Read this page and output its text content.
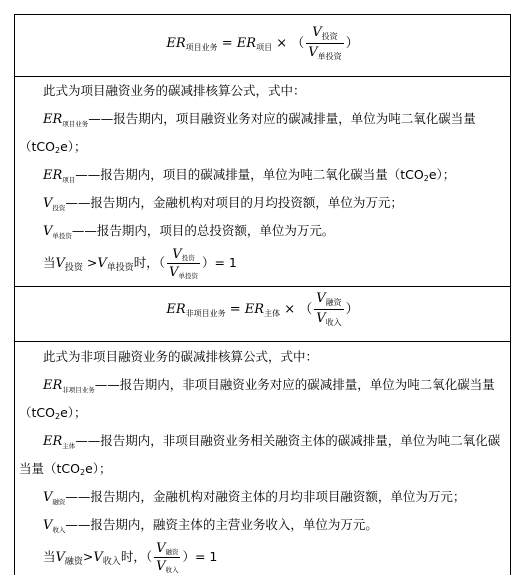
$ER_{项目业务} = ER_{项目}$ × （ $\frac{V_{投资}}{V_{单投资}}$ ）
此式为项目融资业务的碳减排核算公式，式中：
$ER_{项目业务}——$报告期内，项目融资业务对应的碳减排量，单位为吨二氧化碳当量
（tCO2e）；
$ER_{项目}——$报告期内，项目的碳减排量，单位为吨二氧化碳当量（tCO2e）；
$V_{投资}——$报告期内，金融机构对项目的月均投资额，单位为万元；
$V_{单投资}——$报告期内，项目的总投资额，单位为万元。
当$V_{投资} >V_{单投资}$时，（ $\frac{V_{投资}}{V_{单投资}}$ ）= 1
$ER_{非项目业务} = ER_{主体}$ × （ $\frac{V_{融资}}{V_{收入}}$ ）
此式为非项目融资业务的碳减排核算公式，式中：
$ER_{非项目业务}——$报告期内，非项目融资业务对应的碳减排量，单位为吨二氧化碳当量
（tCO2e）；
$ER_{主体}——$报告期内，非项目融资业务相关融资主体的碳减排量，单位为吨二氧化碳
当量（tCO2e）；
$V_{融资}——$报告期内，金融机构对融资主体的月均非项目融资额，单位为万元；
$V_{收入}——$报告期内，融资主体的主营业务收入，单位为万元。
当$V_{融资}>V_{收入}$时，（ $\frac{V_{融资}}{V_{收入}}$ ）= 1
